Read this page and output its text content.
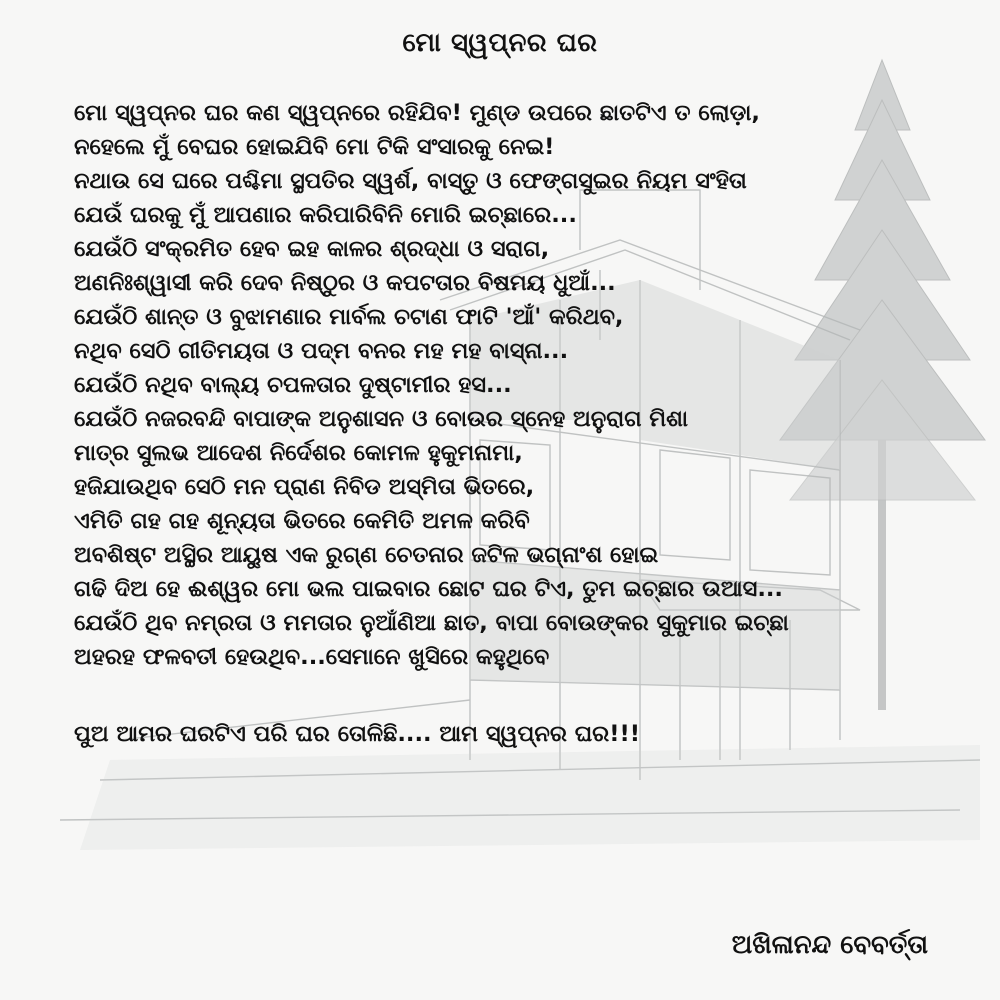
ମୋ ସ୍ୱପ୍ନର ଘର
ମୋ ସ୍ୱପ୍ନର ଘର କଣ ସ୍ୱପ୍ନରେ ରହିଯିବ! ମୁଣ୍ଡ ଉପରେ ଛାତଟିଏ ତ ଲୋଡ଼ା,
ନହେଲେ ମୁଁ ବେଘର ହୋଇଯିବି ମୋ ଟିକି ସଂସାରକୁ ନେଇ!
ନଥାଉ ସେ ଘରେ ପଶ୍ଚିମା ସ୍ଥପତିର ସ୍ୱର୍ଶ, ବାସ୍ତୁ ଓ ଫେଙ୍ଗସୁଇର ନିୟମ ସଂହିତା
ଯେଉଁ ଘରକୁ ମୁଁ ଆପଣାର କରିପାରିବିନି ମୋରି ଇଚ୍ଛାରେ...
ଯେଉଁଠି ସଂକ୍ରମିତ ହେବ ଇହ କାଳର ଶ୍ରଦ୍ଧା ଓ ସରାଗ,
ଅଣନିଃଶ୍ୱାସୀ କରି ଦେବ ନିଷ୍ଠୁର ଓ କପଟତାର ବିଷମୟ ଧୁଆଁ...
ଯେଉଁଠି ଶାନ୍ତ ଓ ବୁଝାମଣାର ମାର୍ବଲ ଚଟାଣ ଫାଟି 'ଆଁ' କରିଥବ,
ନଥିବ ସେଠି ଗୀତିମୟତା ଓ ପଦ୍ମ ବନର ମହ ମହ ବାସ୍ନା...
ଯେଉଁଠି ନଥିବ ବାଲ୍ୟ ଚପଳତାର ଦୁଷ୍ଟାମୀର ହସ...
ଯେଉଁଠି ନଜରବନ୍ଦି ବାପାଙ୍କ ଅନୁଶାସନ ଓ ବୋଉର ସ୍ନେହ ଅନୁରାଗ ମିଶା
ମାତ୍ର ସୁଲଭ ଆଦେଶ ନିର୍ଦେଶର କୋମଳ ହୁକୁମନାମା,
ହଜିଯାଉଥିବ ସେଠି ମନ ପ୍ରାଣ ନିବିଡ ଅସ୍ମିତା ଭିତରେ,
ଏମିତି ଗହ ଗହ ଶୂନ୍ୟତା ଭିତରେ କେମିତି ଅମଳ କରିବି
ଅବଶିଷ୍ଟ ଅସ୍ଥିର ଆୟୁଷ ଏକ ରୁଗ୍ଣ ଚେତନାର ଜଟିଳ ଭଗ୍ନାଂଶ ହୋଇ
ଗଢି ଦିଅ ହେ ଈଶ୍ୱର ମୋ ଭଲ ପାଇବାର ଛୋଟ ଘର ଟିଏ, ତୁମ ଇଚ୍ଛାର ଉଆସ...
ଯେଉଁଠି ଥିବ ନମ୍ରତା ଓ ମମତାର ନୁଆଁଣିଆ ଛାତ, ବାପା ବୋଉଙ୍କର ସୁକୁମାର ଇଚ୍ଛା
ଅହରହ ଫଳବତୀ ହେଉଥିବ...ସେମାନେ ଖୁସିରେ କହୁଥିବେ
ପୁଅ ଆମର ଘରଟିଏ ପରି ଘର ତୋଳିଛି.... ଆମ ସ୍ୱପ୍ନର ଘର!!!
ଅଖିଳାନନ୍ଦ ବେବର୍ତ୍ତା
